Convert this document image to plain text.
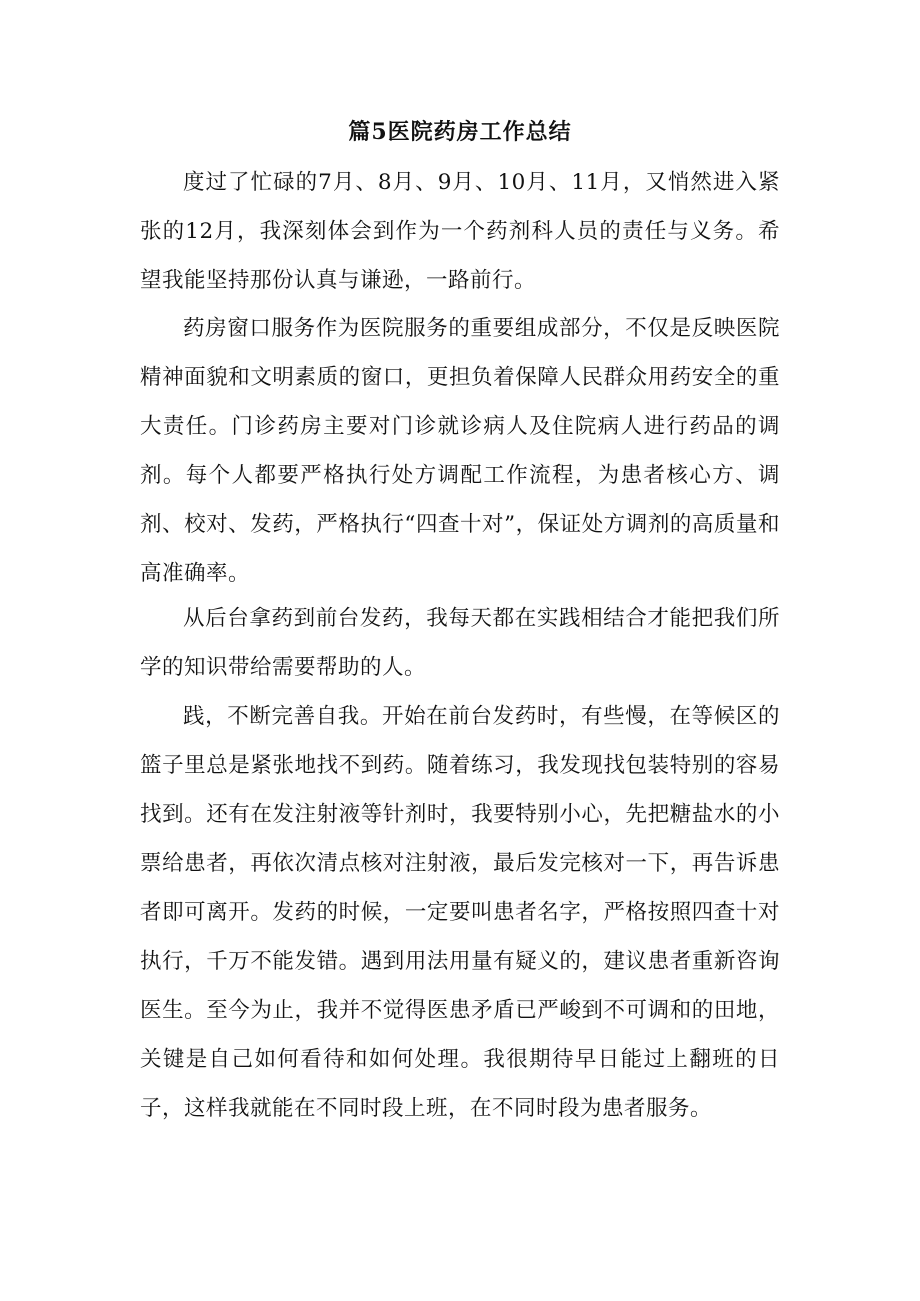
篇5医院药房工作总结

度过了忙碌的7月、8月、9月、10月、11月，又悄然进入紧张的12月，我深刻体会到作为一个药剂科人员的责任与义务。希望我能坚持那份认真与谦逊，一路前行。

药房窗口服务作为医院服务的重要组成部分，不仅是反映医院精神面貌和文明素质的窗口，更担负着保障人民群众用药安全的重大责任。门诊药房主要对门诊就诊病人及住院病人进行药品的调剂。每个人都要严格执行处方调配工作流程，为患者核心方、调剂、校对、发药，严格执行“四查十对”，保证处方调剂的高质量和高准确率。

从后台拿药到前台发药，我每天都在实践相结合才能把我们所学的知识带给需要帮助的人。

践，不断完善自我。开始在前台发药时，有些慢，在等候区的篮子里总是紧张地找不到药。随着练习，我发现找包装特别的容易找到。还有在发注射液等针剂时，我要特别小心，先把糖盐水的小票给患者，再依次清点核对注射液，最后发完核对一下，再告诉患者即可离开。发药的时候，一定要叫患者名字，严格按照四查十对执行，千万不能发错。遇到用法用量有疑义的，建议患者重新咨询医生。至今为止，我并不觉得医患矛盾已严峻到不可调和的田地，关键是自己如何看待和如何处理。我很期待早日能过上翻班的日子，这样我就能在不同时段上班，在不同时段为患者服务。
